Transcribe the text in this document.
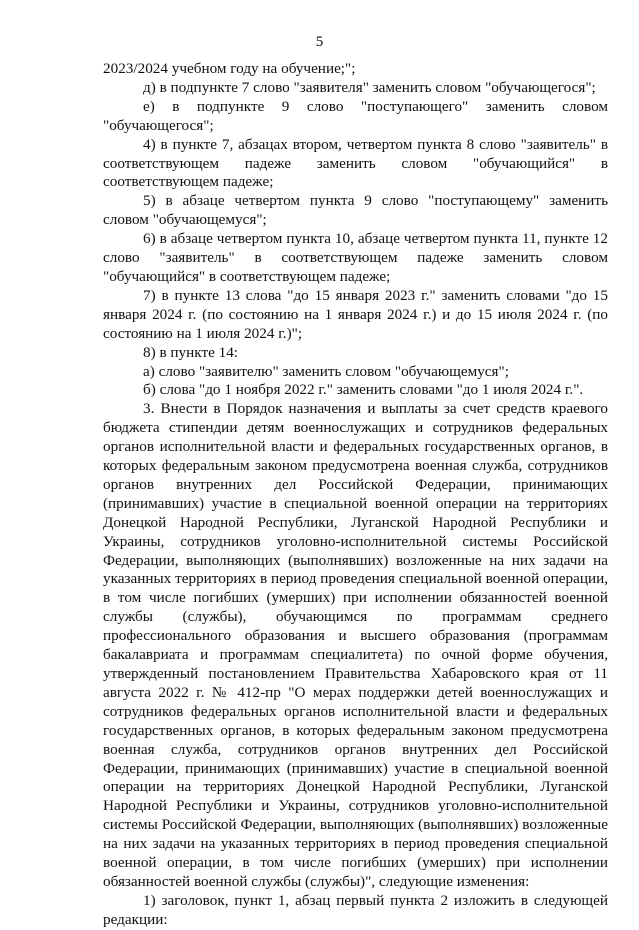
5

2023/2024 учебном году на обучение;";

д) в подпункте 7 слово "заявителя" заменить словом "обучающегося";

е) в подпункте 9 слово "поступающего" заменить словом "обучающегося";

4) в пункте 7, абзацах втором, четвертом пункта 8 слово "заявитель" в соответствующем падеже заменить словом "обучающийся" в соответствующем падеже;

5) в абзаце четвертом пункта 9 слово "поступающему" заменить словом "обучающемуся";

6) в абзаце четвертом пункта 10, абзаце четвертом пункта 11, пункте 12 слово "заявитель" в соответствующем падеже заменить словом "обучающийся" в соответствующем падеже;

7) в пункте 13 слова "до 15 января 2023 г." заменить словами "до 15 января 2024 г. (по состоянию на 1 января 2024 г.) и до 15 июля 2024 г. (по состоянию на 1 июля 2024 г.)";

8) в пункте 14:

а) слово "заявителю" заменить словом "обучающемуся";

б) слова "до 1 ноября 2022 г." заменить словами "до 1 июля 2024 г.".

3. Внести в Порядок назначения и выплаты за счет средств краевого бюджета стипендии детям военнослужащих и сотрудников федеральных органов исполнительной власти и федеральных государственных органов, в которых федеральным законом предусмотрена военная служба, сотрудников органов внутренних дел Российской Федерации, принимающих (принимавших) участие в специальной военной операции на территориях Донецкой Народной Республики, Луганской Народной Республики и Украины, сотрудников уголовно-исполнительной системы Российской Федерации, выполняющих (выполнявших) возложенные на них задачи на указанных территориях в период проведения специальной военной операции, в том числе погибших (умерших) при исполнении обязанностей военной службы (службы), обучающимся по программам среднего профессионального образования и высшего образования (программам бакалавриата и программам специалитета) по очной форме обучения, утвержденный постановлением Правительства Хабаровского края от 11 августа 2022 г. № 412-пр "О мерах поддержки детей военнослужащих и сотрудников федеральных органов исполнительной власти и федеральных государственных органов, в которых федеральным законом предусмотрена военная служба, сотрудников органов внутренних дел Российской Федерации, принимающих (принимавших) участие в специальной военной операции на территориях Донецкой Народной Республики, Луганской Народной Республики и Украины, сотрудников уголовно-исполнительной системы Российской Федерации, выполняющих (выполнявших) возложенные на них задачи на указанных территориях в период проведения специальной военной операции, в том числе погибших (умерших) при исполнении обязанностей военной службы (службы)", следующие изменения:

1) заголовок, пункт 1, абзац первый пункта 2 изложить в следующей редакции:
